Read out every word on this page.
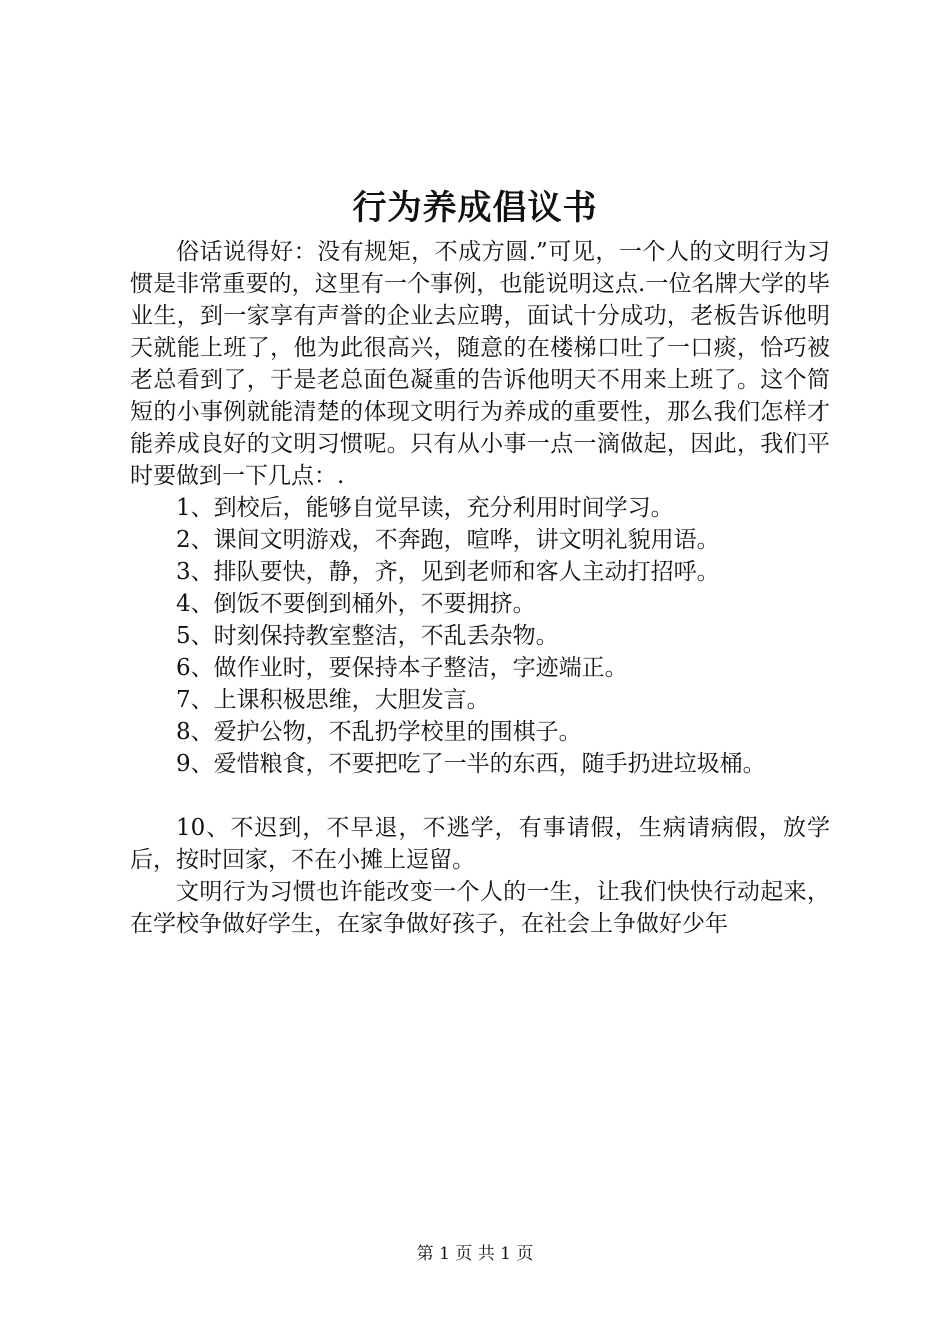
行为养成倡议书

俗话说得好：没有规矩，不成方圆.”可见，一个人的文明行为习惯是非常重要的，这里有一个事例，也能说明这点.一位名牌大学的毕业生，到一家享有声誉的企业去应聘，面试十分成功，老板告诉他明天就能上班了，他为此很高兴，随意的在楼梯口吐了一口痰，恰巧被老总看到了，于是老总面色凝重的告诉他明天不用来上班了。这个简短的小事例就能清楚的体现文明行为养成的重要性，那么我们怎样才能养成良好的文明习惯呢。只有从小事一点一滴做起，因此，我们平时要做到一下几点：.

1、到校后，能够自觉早读，充分利用时间学习。

2、课间文明游戏，不奔跑，喧哗，讲文明礼貌用语。

3、排队要快，静，齐，见到老师和客人主动打招呼。

4、倒饭不要倒到桶外，不要拥挤。

5、时刻保持教室整洁，不乱丢杂物。

6、做作业时，要保持本子整洁，字迹端正。

7、上课积极思维，大胆发言。

8、爱护公物，不乱扔学校里的围棋子。

9、爱惜粮食，不要把吃了一半的东西，随手扔进垃圾桶。

10、不迟到，不早退，不逃学，有事请假，生病请病假，放学后，按时回家，不在小摊上逗留。

文明行为习惯也许能改变一个人的一生，让我们快快行动起来，在学校争做好学生，在家争做好孩子，在社会上争做好少年

第 1 页 共 1 页
